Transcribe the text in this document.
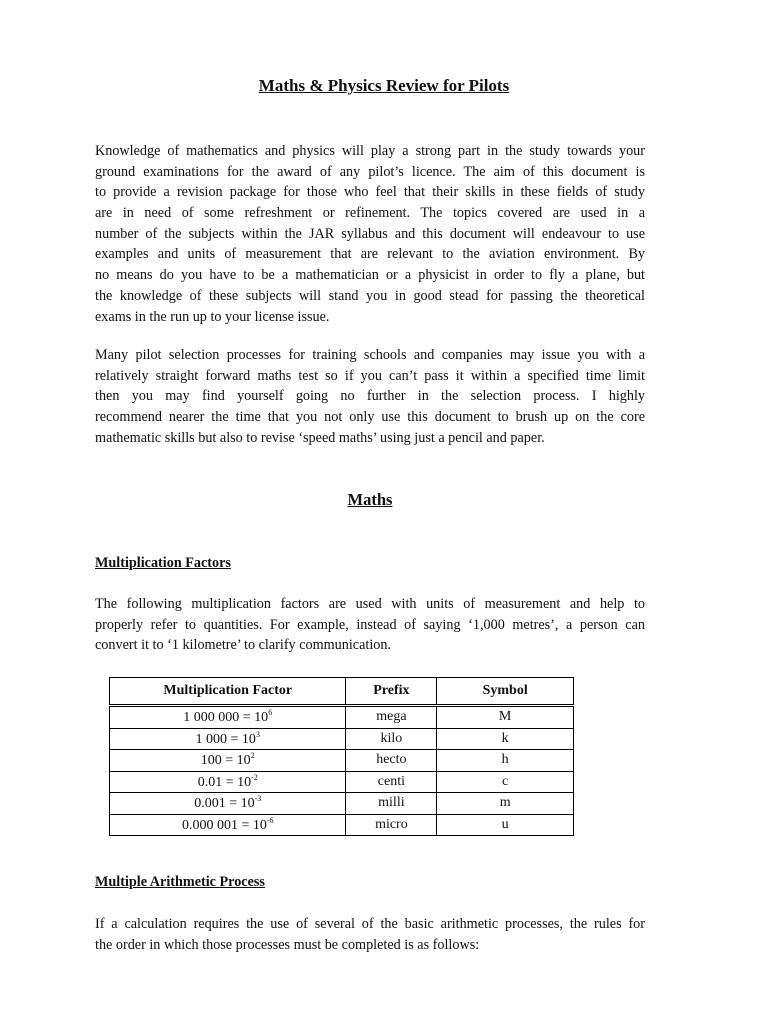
Maths & Physics Review for Pilots
Knowledge of mathematics and physics will play a strong part in the study towards your
ground examinations for the award of any pilot’s licence. The aim of this document is
to provide a revision package for those who feel that their skills in these fields of study
are in need of some refreshment or refinement. The topics covered are used in a
number of the subjects within the JAR syllabus and this document will endeavour to use
examples and units of measurement that are relevant to the aviation environment. By
no means do you have to be a mathematician or a physicist in order to fly a plane, but
the knowledge of these subjects will stand you in good stead for passing the theoretical
exams in the run up to your license issue.
Many pilot selection processes for training schools and companies may issue you with a
relatively straight forward maths test so if you can’t pass it within a specified time limit
then you may find yourself going no further in the selection process. I highly
recommend nearer the time that you not only use this document to brush up on the core
mathematic skills but also to revise ‘speed maths’ using just a pencil and paper.
Maths
Multiplication Factors
The following multiplication factors are used with units of measurement and help to
properly refer to quantities. For example, instead of saying ‘1,000 metres’, a person can
convert it to ‘1 kilometre’ to clarify communication.
Multiplication Factor	Prefix	Symbol
1 000 $000 = 10^6$	mega	M
1 $000 = 10^3$	kilo	k
$100 = 10^2$	hecto	h
$0.01 = 10^{-2}$	centi	c
$0.001 = 10^{-3}$	milli	m
0.000 $001 = 10^{-6}$	micro	u
Multiple Arithmetic Process
If a calculation requires the use of several of the basic arithmetic processes, the rules for
the order in which those processes must be completed is as follows:
